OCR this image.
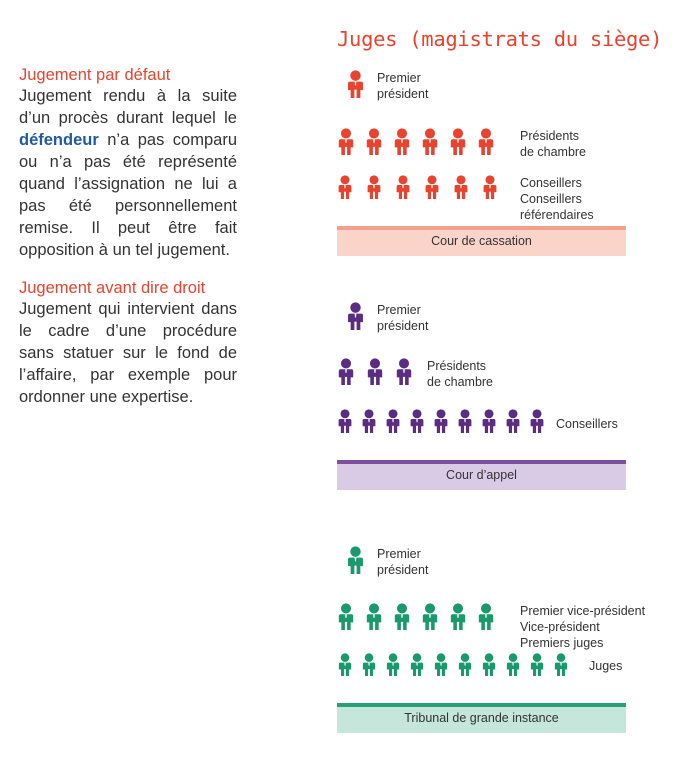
Jugement par défaut

Jugement rendu à la suite d’un procès durant lequel le défendeur n’a pas comparu ou n’a pas été représenté quand l’assignation ne lui a pas été personnellement remise. Il peut être fait opposition à un tel jugement.

Jugement avant dire droit

Jugement qui intervient dans le cadre d’une procédure sans statuer sur le fond de l’affaire, par exemple pour ordonner une expertise.

Juges (magistrats du siège)
Premier
président
Présidents
de chambre
Conseillers
Conseillers
référendaires
Cour de cassation
Premier
président
Présidents
de chambre
Conseillers
Cour d’appel
Premier
président
Premier vice-président
Vice-président
Premiers juges
Juges
Tribunal de grande instance
